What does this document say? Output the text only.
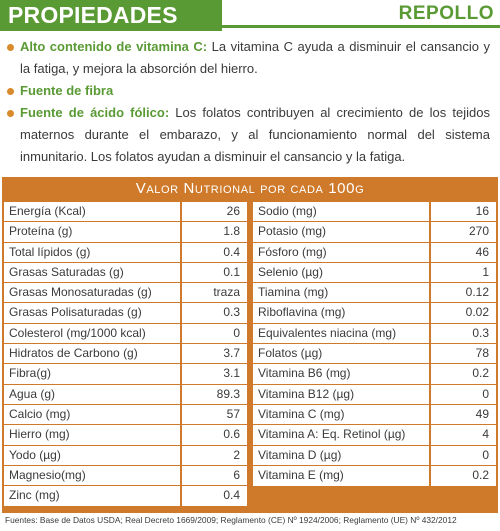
PROPIEDADES	REPOLLO
Alto contenido de vitamina C: La vitamina C ayuda a disminuir el cansancio y la fatiga, y mejora la absorción del hierro.
Fuente de fibra
Fuente de ácido fólico: Los folatos contribuyen al crecimiento de los tejidos maternos durante el embarazo, y al funcionamiento normal del sistema inmunitario. Los folatos ayudan a disminuir el cansancio y la fatiga.
Valor Nutrional por cada 100g
Energía (Kcal)	26
Proteína (g)	1.8
Total lípidos (g)	0.4
Grasas Saturadas (g)	0.1
Grasas Monosaturadas (g)	traza
Grasas Polisaturadas (g)	0.3
Colesterol (mg/1000 kcal)	0
Hidratos de Carbono (g)	3.7
Fibra(g)	3.1
Agua (g)	89.3
Calcio (mg)	57
Hierro (mg)	0.6
Yodo (µg)	2
Magnesio(mg)	6
Zinc (mg)	0.4
Sodio (mg)	16
Potasio (mg)	270
Fósforo (mg)	46
Selenio (µg)	1
Tiamina (mg)	0.12
Riboflavina (mg)	0.02
Equivalentes niacina (mg)	0.3
Folatos (µg)	78
Vitamina B6 (mg)	0.2
Vitamina B12 (µg)	0
Vitamina C (mg)	49
Vitamina A: Eq. Retinol (µg)	4
Vitamina D (µg)	0
Vitamina E (mg)	0.2
Fuentes: Base de Datos USDA; Real Decreto 1669/2009; Reglamento (CE) Nº 1924/2006; Reglamento (UE) Nº 432/2012
